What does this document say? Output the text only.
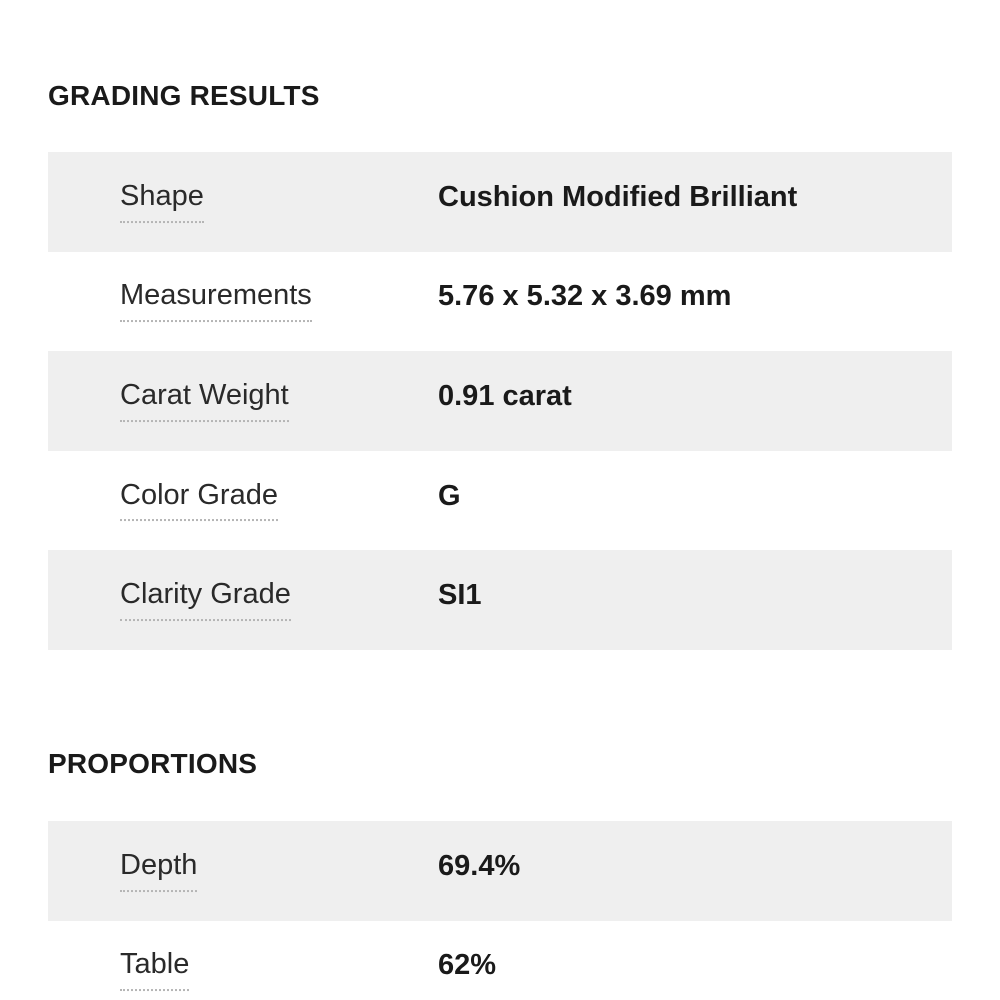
GRADING RESULTS
Shape	Cushion Modified Brilliant
Measurements	5.76 x 5.32 x 3.69 mm
Carat Weight	0.91 carat
Color Grade	G
Clarity Grade	SI1
PROPORTIONS
Depth	69.4%
Table	62%
